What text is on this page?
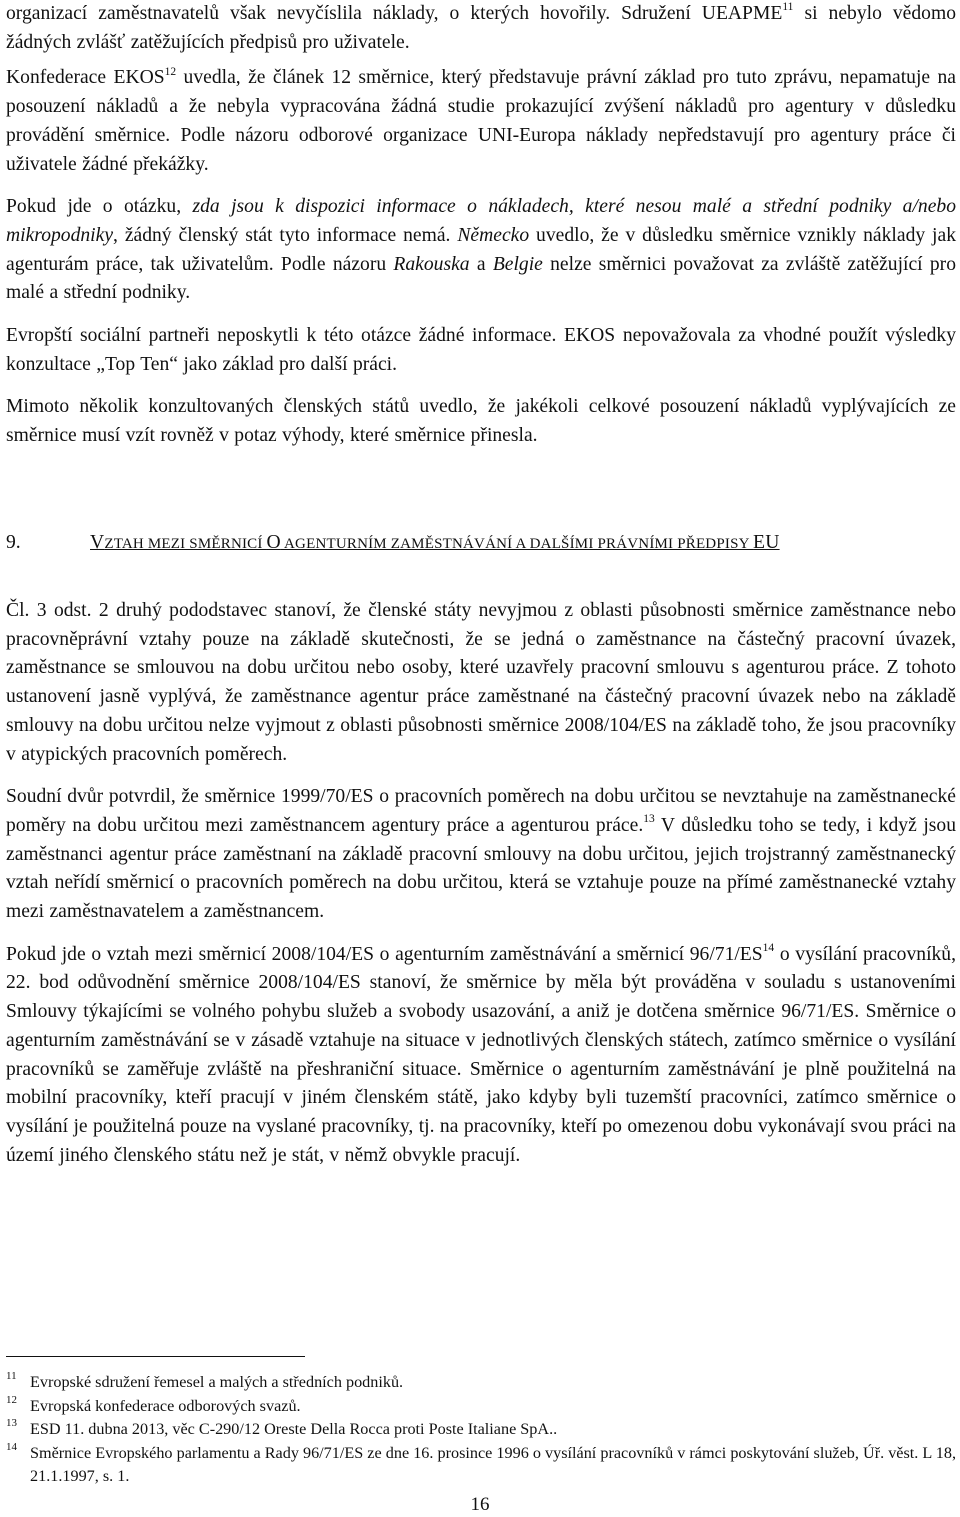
organizací zaměstnavatelů však nevyčíslila náklady, o kterých hovořily. Sdružení UEAPME$^{11}$ si nebylo vědomo žádných zvlášť zatěžujících předpisů pro uživatele.

Konfederace EKOS$^{12}$ uvedla, že článek 12 směrnice, který představuje právní základ pro tuto zprávu, nepamatuje na posouzení nákladů a že nebyla vypracována žádná studie prokazující zvýšení nákladů pro agentury v důsledku provádění směrnice. Podle názoru odborové organizace UNI-Europa náklady nepředstavují pro agentury práce či uživatele žádné překážky.

Pokud jde o otázku, zda jsou k dispozici informace o nákladech, které nesou malé a střední podniky a/nebo mikropodniky, žádný členský stát tyto informace nemá. Německo uvedlo, že v důsledku směrnice vznikly náklady jak agenturám práce, tak uživatelům. Podle názoru Rakouska a Belgie nelze směrnici považovat za zvláště zatěžující pro malé a střední podniky.

Evropští sociální partneři neposkytli k této otázce žádné informace. EKOS nepovažovala za vhodné použít výsledky konzultace „Top Ten“ jako základ pro další práci.

Mimoto několik konzultovaných členských států uvedlo, že jakékoli celkové posouzení nákladů vyplývajících ze směrnice musí vzít rovněž v potaz výhody, které směrnice přinesla.

9.	VZTAH MEZI SMĚRNICÍ O AGENTURNÍM ZAMĚSTNÁVÁNÍ A DALŠÍMI PRÁVNÍMI PŘEDPISY EU

Čl. 3 odst. 2 druhý pododstavec stanoví, že členské státy nevyjmou z oblasti působnosti směrnice zaměstnance nebo pracovněprávní vztahy pouze na základě skutečnosti, že se jedná o zaměstnance na částečný pracovní úvazek, zaměstnance se smlouvou na dobu určitou nebo osoby, které uzavřely pracovní smlouvu s agenturou práce. Z tohoto ustanovení jasně vyplývá, že zaměstnance agentur práce zaměstnané na částečný pracovní úvazek nebo na základě smlouvy na dobu určitou nelze vyjmout z oblasti působnosti směrnice 2008/104/ES na základě toho, že jsou pracovníky v atypických pracovních poměrech.

Soudní dvůr potvrdil, že směrnice 1999/70/ES o pracovních poměrech na dobu určitou se nevztahuje na zaměstnanecké poměry na dobu určitou mezi zaměstnancem agentury práce a agenturou práce.$^{13}$ V důsledku toho se tedy, i když jsou zaměstnanci agentur práce zaměstnaní na základě pracovní smlouvy na dobu určitou, jejich trojstranný zaměstnanecký vztah neřídí směrnicí o pracovních poměrech na dobu určitou, která se vztahuje pouze na přímé zaměstnanecké vztahy mezi zaměstnavatelem a zaměstnancem.

Pokud jde o vztah mezi směrnicí 2008/104/ES o agenturním zaměstnávání a směrnicí 96/71/ES$^{14}$ o vysílání pracovníků, 22. bod odůvodnění směrnice 2008/104/ES stanoví, že směrnice by měla být prováděna v souladu s ustanoveními Smlouvy týkajícími se volného pohybu služeb a svobody usazování, a aniž je dotčena směrnice 96/71/ES. Směrnice o agenturním zaměstnávání se v zásadě vztahuje na situace v jednotlivých členských státech, zatímco směrnice o vysílání pracovníků se zaměřuje zvláště na přeshraniční situace. Směrnice o agenturním zaměstnávání je plně použitelná na mobilní pracovníky, kteří pracují v jiném členském státě, jako kdyby byli tuzemští pracovníci, zatímco směrnice o vysílání je použitelná pouze na vyslané pracovníky, tj. na pracovníky, kteří po omezenou dobu vykonávají svou práci na území jiného členského státu než je stát, v němž obvykle pracují.

11 Evropské sdružení řemesel a malých a středních podniků.
12 Evropská konfederace odborových svazů.
13 ESD 11. dubna 2013, věc C-290/12 Oreste Della Rocca proti Poste Italiane SpA..
14 Směrnice Evropského parlamentu a Rady 96/71/ES ze dne 16. prosince 1996 o vysílání pracovníků v rámci poskytování služeb, Úř. věst. L 18, 21.1.1997, s. 1.
16
